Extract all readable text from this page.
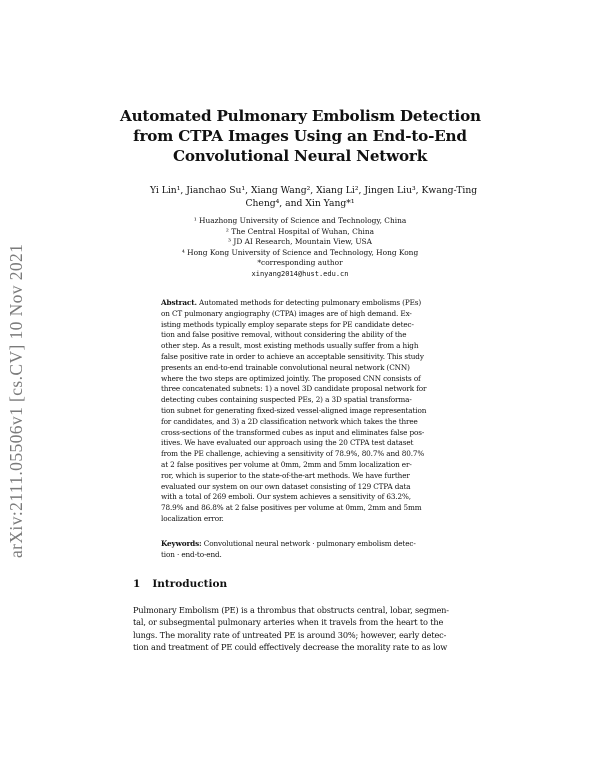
arXiv:2111.05506v1 [cs.CV] 10 Nov 2021
Automated Pulmonary Embolism Detection
from CTPA Images Using an End-to-End
Convolutional Neural Network
Yi Lin¹, Jianchao Su¹, Xiang Wang², Xiang Li², Jingen Liu³, Kwang-Ting
Cheng⁴, and Xin Yang*¹
¹ Huazhong University of Science and Technology, China
² The Central Hospital of Wuhan, China
³ JD AI Research, Mountain View, USA
⁴ Hong Kong University of Science and Technology, Hong Kong
*corresponding author
xinyang2014@hust.edu.cn
Abstract. Automated methods for detecting pulmonary embolisms (PEs)
on CT pulmonary angiography (CTPA) images are of high demand. Ex-
isting methods typically employ separate steps for PE candidate detec-
tion and false positive removal, without considering the ability of the
other step. As a result, most existing methods usually suffer from a high
false positive rate in order to achieve an acceptable sensitivity. This study
presents an end-to-end trainable convolutional neural network (CNN)
where the two steps are optimized jointly. The proposed CNN consists of
three concatenated subnets: 1) a novel 3D candidate proposal network for
detecting cubes containing suspected PEs, 2) a 3D spatial transforma-
tion subnet for generating fixed-sized vessel-aligned image representation
for candidates, and 3) a 2D classification network which takes the three
cross-sections of the transformed cubes as input and eliminates false pos-
itives. We have evaluated our approach using the 20 CTPA test dataset
from the PE challenge, achieving a sensitivity of 78.9%, 80.7% and 80.7%
at 2 false positives per volume at 0mm, 2mm and 5mm localization er-
ror, which is superior to the state-of-the-art methods. We have further
evaluated our system on our own dataset consisting of 129 CTPA data
with a total of 269 emboli. Our system achieves a sensitivity of 63.2%,
78.9% and 86.8% at 2 false positives per volume at 0mm, 2mm and 5mm
localization error.
Keywords: Convolutional neural network · pulmonary embolism detec-
tion · end-to-end.
1 Introduction
Pulmonary Embolism (PE) is a thrombus that obstructs central, lobar, segmen-
tal, or subsegmental pulmonary arteries when it travels from the heart to the
lungs. The morality rate of untreated PE is around 30%; however, early detec-
tion and treatment of PE could effectively decrease the morality rate to as low
